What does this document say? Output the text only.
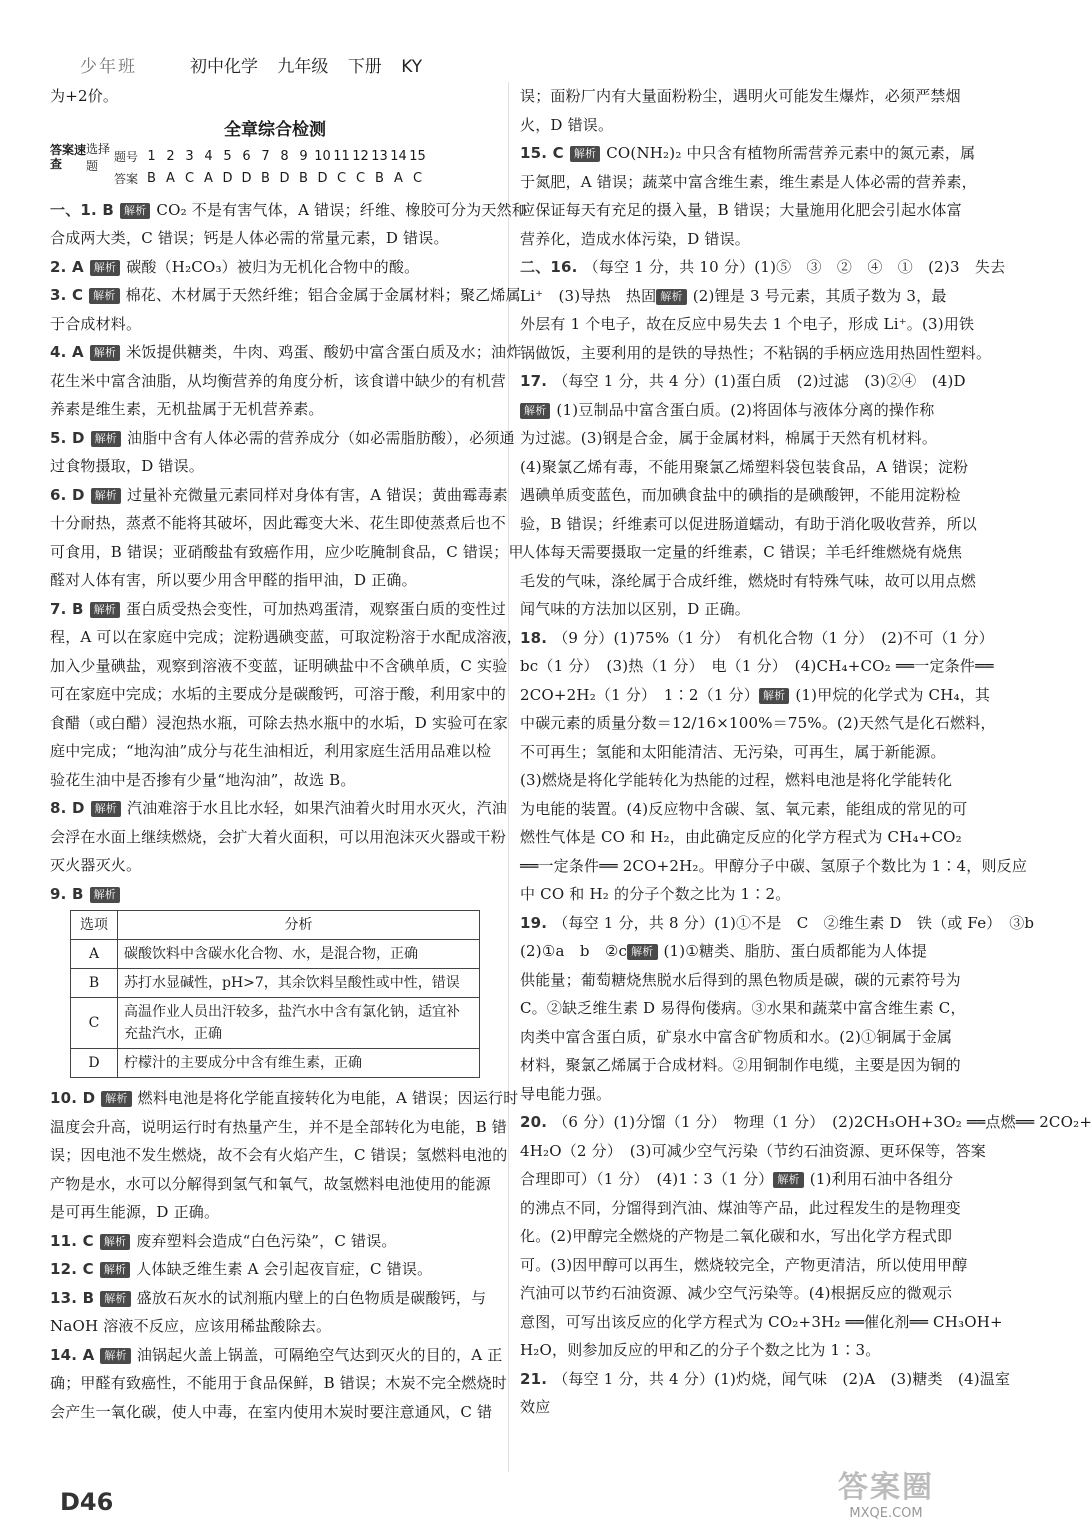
少年班	初中化学 九年级 下册 KY
为+2价。
全章综合检测
答案速查
选择题
题号 1 2 3 4 5 6 7 8 9 10 11 12 13 14 15
答案 B A C A D D B D B D C C B A C
一、1. B 解析 CO₂ 不是有害气体，A 错误；纤维、橡胶可分为天然和
合成两大类，C 错误；钙是人体必需的常量元素，D 错误。
2. A 解析 碳酸（H₂CO₃）被归为无机化合物中的酸。
3. C 解析 棉花、木材属于天然纤维；铝合金属于金属材料；聚乙烯属
于合成材料。
4. A 解析 米饭提供糖类，牛肉、鸡蛋、酸奶中富含蛋白质及水；油炸
花生米中富含油脂，从均衡营养的角度分析，该食谱中缺少的有机营
养素是维生素，无机盐属于无机营养素。
5. D 解析 油脂中含有人体必需的营养成分（如必需脂肪酸），必须通
过食物摄取，D 错误。
6. D 解析 过量补充微量元素同样对身体有害，A 错误；黄曲霉毒素
十分耐热，蒸煮不能将其破坏，因此霉变大米、花生即使蒸煮后也不
可食用，B 错误；亚硝酸盐有致癌作用，应少吃腌制食品，C 错误；甲
醛对人体有害，所以要少用含甲醛的指甲油，D 正确。
7. B 解析 蛋白质受热会变性，可加热鸡蛋清，观察蛋白质的变性过
程，A 可以在家庭中完成；淀粉遇碘变蓝，可取淀粉溶于水配成溶液，
加入少量碘盐，观察到溶液不变蓝，证明碘盐中不含碘单质，C 实验
可在家庭中完成；水垢的主要成分是碳酸钙，可溶于酸，利用家中的
食醋（或白醋）浸泡热水瓶，可除去热水瓶中的水垢，D 实验可在家
庭中完成；“地沟油”成分与花生油相近，利用家庭生活用品难以检
验花生油中是否掺有少量“地沟油”，故选 B。
8. D 解析 汽油难溶于水且比水轻，如果汽油着火时用水灭火，汽油
会浮在水面上继续燃烧，会扩大着火面积，可以用泡沫灭火器或干粉
灭火器灭火。
9. B 解析
选项	分析
A	碳酸饮料中含碳水化合物、水，是混合物，正确
B	苏打水显碱性，pH>7，其余饮料呈酸性或中性，错误
C	高温作业人员出汗较多，盐汽水中含有氯化钠，适宜补充盐汽水，正确
D	柠檬汁的主要成分中含有维生素，正确
10. D 解析 燃料电池是将化学能直接转化为电能，A 错误；因运行时
温度会升高，说明运行时有热量产生，并不是全部转化为电能，B 错
误；因电池不发生燃烧，故不会有火焰产生，C 错误；氢燃料电池的
产物是水，水可以分解得到氢气和氧气，故氢燃料电池使用的能源
是可再生能源，D 正确。
11. C 解析 废弃塑料会造成“白色污染”，C 错误。
12. C 解析 人体缺乏维生素 A 会引起夜盲症，C 错误。
13. B 解析 盛放石灰水的试剂瓶内壁上的白色物质是碳酸钙，与
NaOH 溶液不反应，应该用稀盐酸除去。
14. A 解析 油锅起火盖上锅盖，可隔绝空气达到灭火的目的，A 正
确；甲醛有致癌性，不能用于食品保鲜，B 错误；木炭不完全燃烧时
会产生一氧化碳，使人中毒，在室内使用木炭时要注意通风，C 错
误；面粉厂内有大量面粉粉尘，遇明火可能发生爆炸，必须严禁烟
火，D 错误。
15. C 解析 CO(NH₂)₂ 中只含有植物所需营养元素中的氮元素，属
于氮肥，A 错误；蔬菜中富含维生素，维生素是人体必需的营养素，
应保证每天有充足的摄入量，B 错误；大量施用化肥会引起水体富
营养化，造成水体污染，D 错误。
二、16. （每空 1 分，共 10 分）(1)⑤　③　②　④　①　(2)3　失去
Li⁺　(3)导热　热固 解析 (2)锂是 3 号元素，其质子数为 3，最
外层有 1 个电子，故在反应中易失去 1 个电子，形成 Li⁺。(3)用铁
锅做饭，主要利用的是铁的导热性；不粘锅的手柄应选用热固性塑料。
17. （每空 1 分，共 4 分）(1)蛋白质　(2)过滤　(3)②④　(4)D
解析 (1)豆制品中富含蛋白质。(2)将固体与液体分离的操作称
为过滤。(3)钢是合金，属于金属材料，棉属于天然有机材料。
(4)聚氯乙烯有毒，不能用聚氯乙烯塑料袋包装食品，A 错误；淀粉
遇碘单质变蓝色，而加碘食盐中的碘指的是碘酸钾，不能用淀粉检
验，B 错误；纤维素可以促进肠道蠕动，有助于消化吸收营养，所以
人体每天需要摄取一定量的纤维素，C 错误；羊毛纤维燃烧有烧焦
毛发的气味，涤纶属于合成纤维，燃烧时有特殊气味，故可以用点燃
闻气味的方法加以区别，D 正确。
18. （9 分）(1)75%（1 分）　有机化合物（1 分）　(2)不可（1 分）
bc（1 分）　(3)热（1 分）　电（1 分）　(4)CH₄+CO₂ ══一定条件══
2CO+2H₂（1 分）　1∶2（1 分） 解析 (1)甲烷的化学式为 CH₄，其
中碳元素的质量分数＝12/16×100%＝75%。(2)天然气是化石燃料，
不可再生；氢能和太阳能清洁、无污染，可再生，属于新能源。
(3)燃烧是将化学能转化为热能的过程，燃料电池是将化学能转化
为电能的装置。(4)反应物中含碳、氢、氧元素，能组成的常见的可
燃性气体是 CO 和 H₂，由此确定反应的化学方程式为 CH₄+CO₂
══一定条件══ 2CO+2H₂。甲醇分子中碳、氢原子个数比为 1∶4，则反应
中 CO 和 H₂ 的分子个数之比为 1∶2。
19. （每空 1 分，共 8 分）(1)①不是　C　②维生素 D　铁（或 Fe）　③b
(2)①a　b　②c 解析 (1)①糖类、脂肪、蛋白质都能为人体提
供能量；葡萄糖烧焦脱水后得到的黑色物质是碳，碳的元素符号为
C。②缺乏维生素 D 易得佝偻病。③水果和蔬菜中富含维生素 C，
肉类中富含蛋白质，矿泉水中富含矿物质和水。(2)①铜属于金属
材料，聚氯乙烯属于合成材料。②用铜制作电缆，主要是因为铜的
导电能力强。
20. （6 分）(1)分馏（1 分）　物理（1 分）　(2)2CH₃OH+3O₂ ══点燃══ 2CO₂+
4H₂O（2 分）　(3)可减少空气污染（节约石油资源、更环保等，答案
合理即可）（1 分）　(4)1∶3（1 分） 解析 (1)利用石油中各组分
的沸点不同，分馏得到汽油、煤油等产品，此过程发生的是物理变
化。(2)甲醇完全燃烧的产物是二氧化碳和水，写出化学方程式即
可。(3)因甲醇可以再生，燃烧较完全，产物更清洁，所以使用甲醇
汽油可以节约石油资源、减少空气污染等。(4)根据反应的微观示
意图，可写出该反应的化学方程式为 CO₂+3H₂ ══催化剂══ CH₃OH+
H₂O，则参加反应的甲和乙的分子个数之比为 1∶3。
21. （每空 1 分，共 4 分）(1)灼烧，闻气味　(2)A　(3)糖类　(4)温室
效应
D46	答案圈
MXQE.COM
